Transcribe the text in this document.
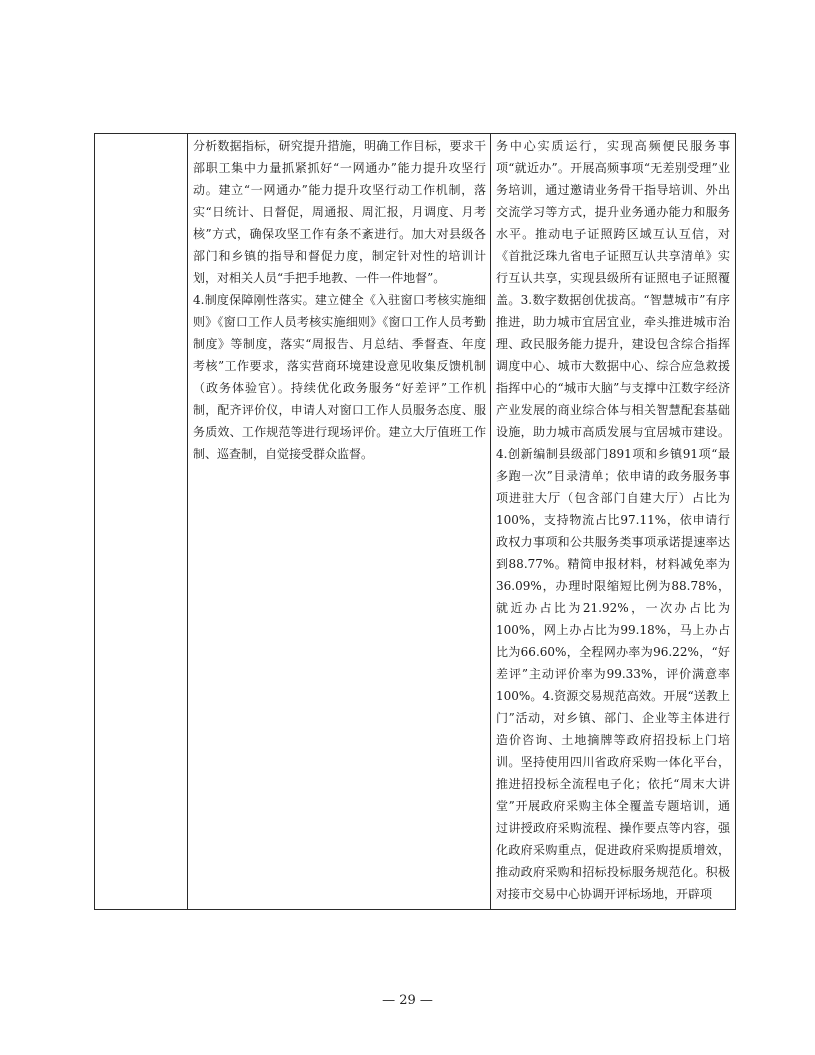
分析数据指标，研究提升措施，明确工作目标，要求干部职工集中力量抓紧抓好“一网通办”能力提升攻坚行动。建立“一网通办”能力提升攻坚行动工作机制，落实“日统计、日督促，周通报、周汇报，月调度、月考核”方式，确保攻坚工作有条不紊进行。加大对县级各部门和乡镇的指导和督促力度，制定针对性的培训计划，对相关人员“手把手地教、一件一件地督”。

4.制度保障刚性落实。建立健全《入驻窗口考核实施细则》《窗口工作人员考核实施细则》《窗口工作人员考勤制度》等制度，落实“周报告、月总结、季督查、年度考核”工作要求，落实营商环境建设意见收集反馈机制（政务体验官）。持续优化政务服务“好差评”工作机制，配齐评价仪，申请人对窗口工作人员服务态度、服务质效、工作规范等进行现场评价。建立大厅值班工作制、巡查制，自觉接受群众监督。

务中心实质运行，实现高频便民服务事项“就近办”。开展高频事项“无差别受理”业务培训，通过邀请业务骨干指导培训、外出交流学习等方式，提升业务通办能力和服务水平。推动电子证照跨区域互认互信，对《首批泛珠九省电子证照互认共享清单》实行互认共享，实现县级所有证照电子证照覆盖。3.数字数据创优拔高。“智慧城市”有序推进，助力城市宜居宜业，牵头推进城市治理、政民服务能力提升，建设包含综合指挥调度中心、城市大数据中心、综合应急救援指挥中心的“城市大脑”与支撑中江数字经济产业发展的商业综合体与相关智慧配套基础设施，助力城市高质发展与宜居城市建设。4.创新编制县级部门891项和乡镇91项“最多跑一次”目录清单；依申请的政务服务事项进驻大厅（包含部门自建大厅）占比为100%，支持物流占比97.11%，依申请行政权力事项和公共服务类事项承诺提速率达到88.77%。精简申报材料，材料减免率为36.09%，办理时限缩短比例为88.78%，就近办占比为21.92%，一次办占比为100%，网上办占比为99.18%，马上办占比为66.60%，全程网办率为96.22%，“好差评”主动评价率为99.33%，评价满意率100%。4.资源交易规范高效。开展“送教上门”活动，对乡镇、部门、企业等主体进行造价咨询、土地摘牌等政府招投标上门培训。坚持使用四川省政府采购一体化平台，推进招投标全流程电子化；依托“周末大讲堂”开展政府采购主体全覆盖专题培训，通过讲授政府采购流程、操作要点等内容，强化政府采购重点，促进政府采购提质增效，推动政府采购和招标投标服务规范化。积极对接市交易中心协调开评标场地，开辟项

— 29 —
